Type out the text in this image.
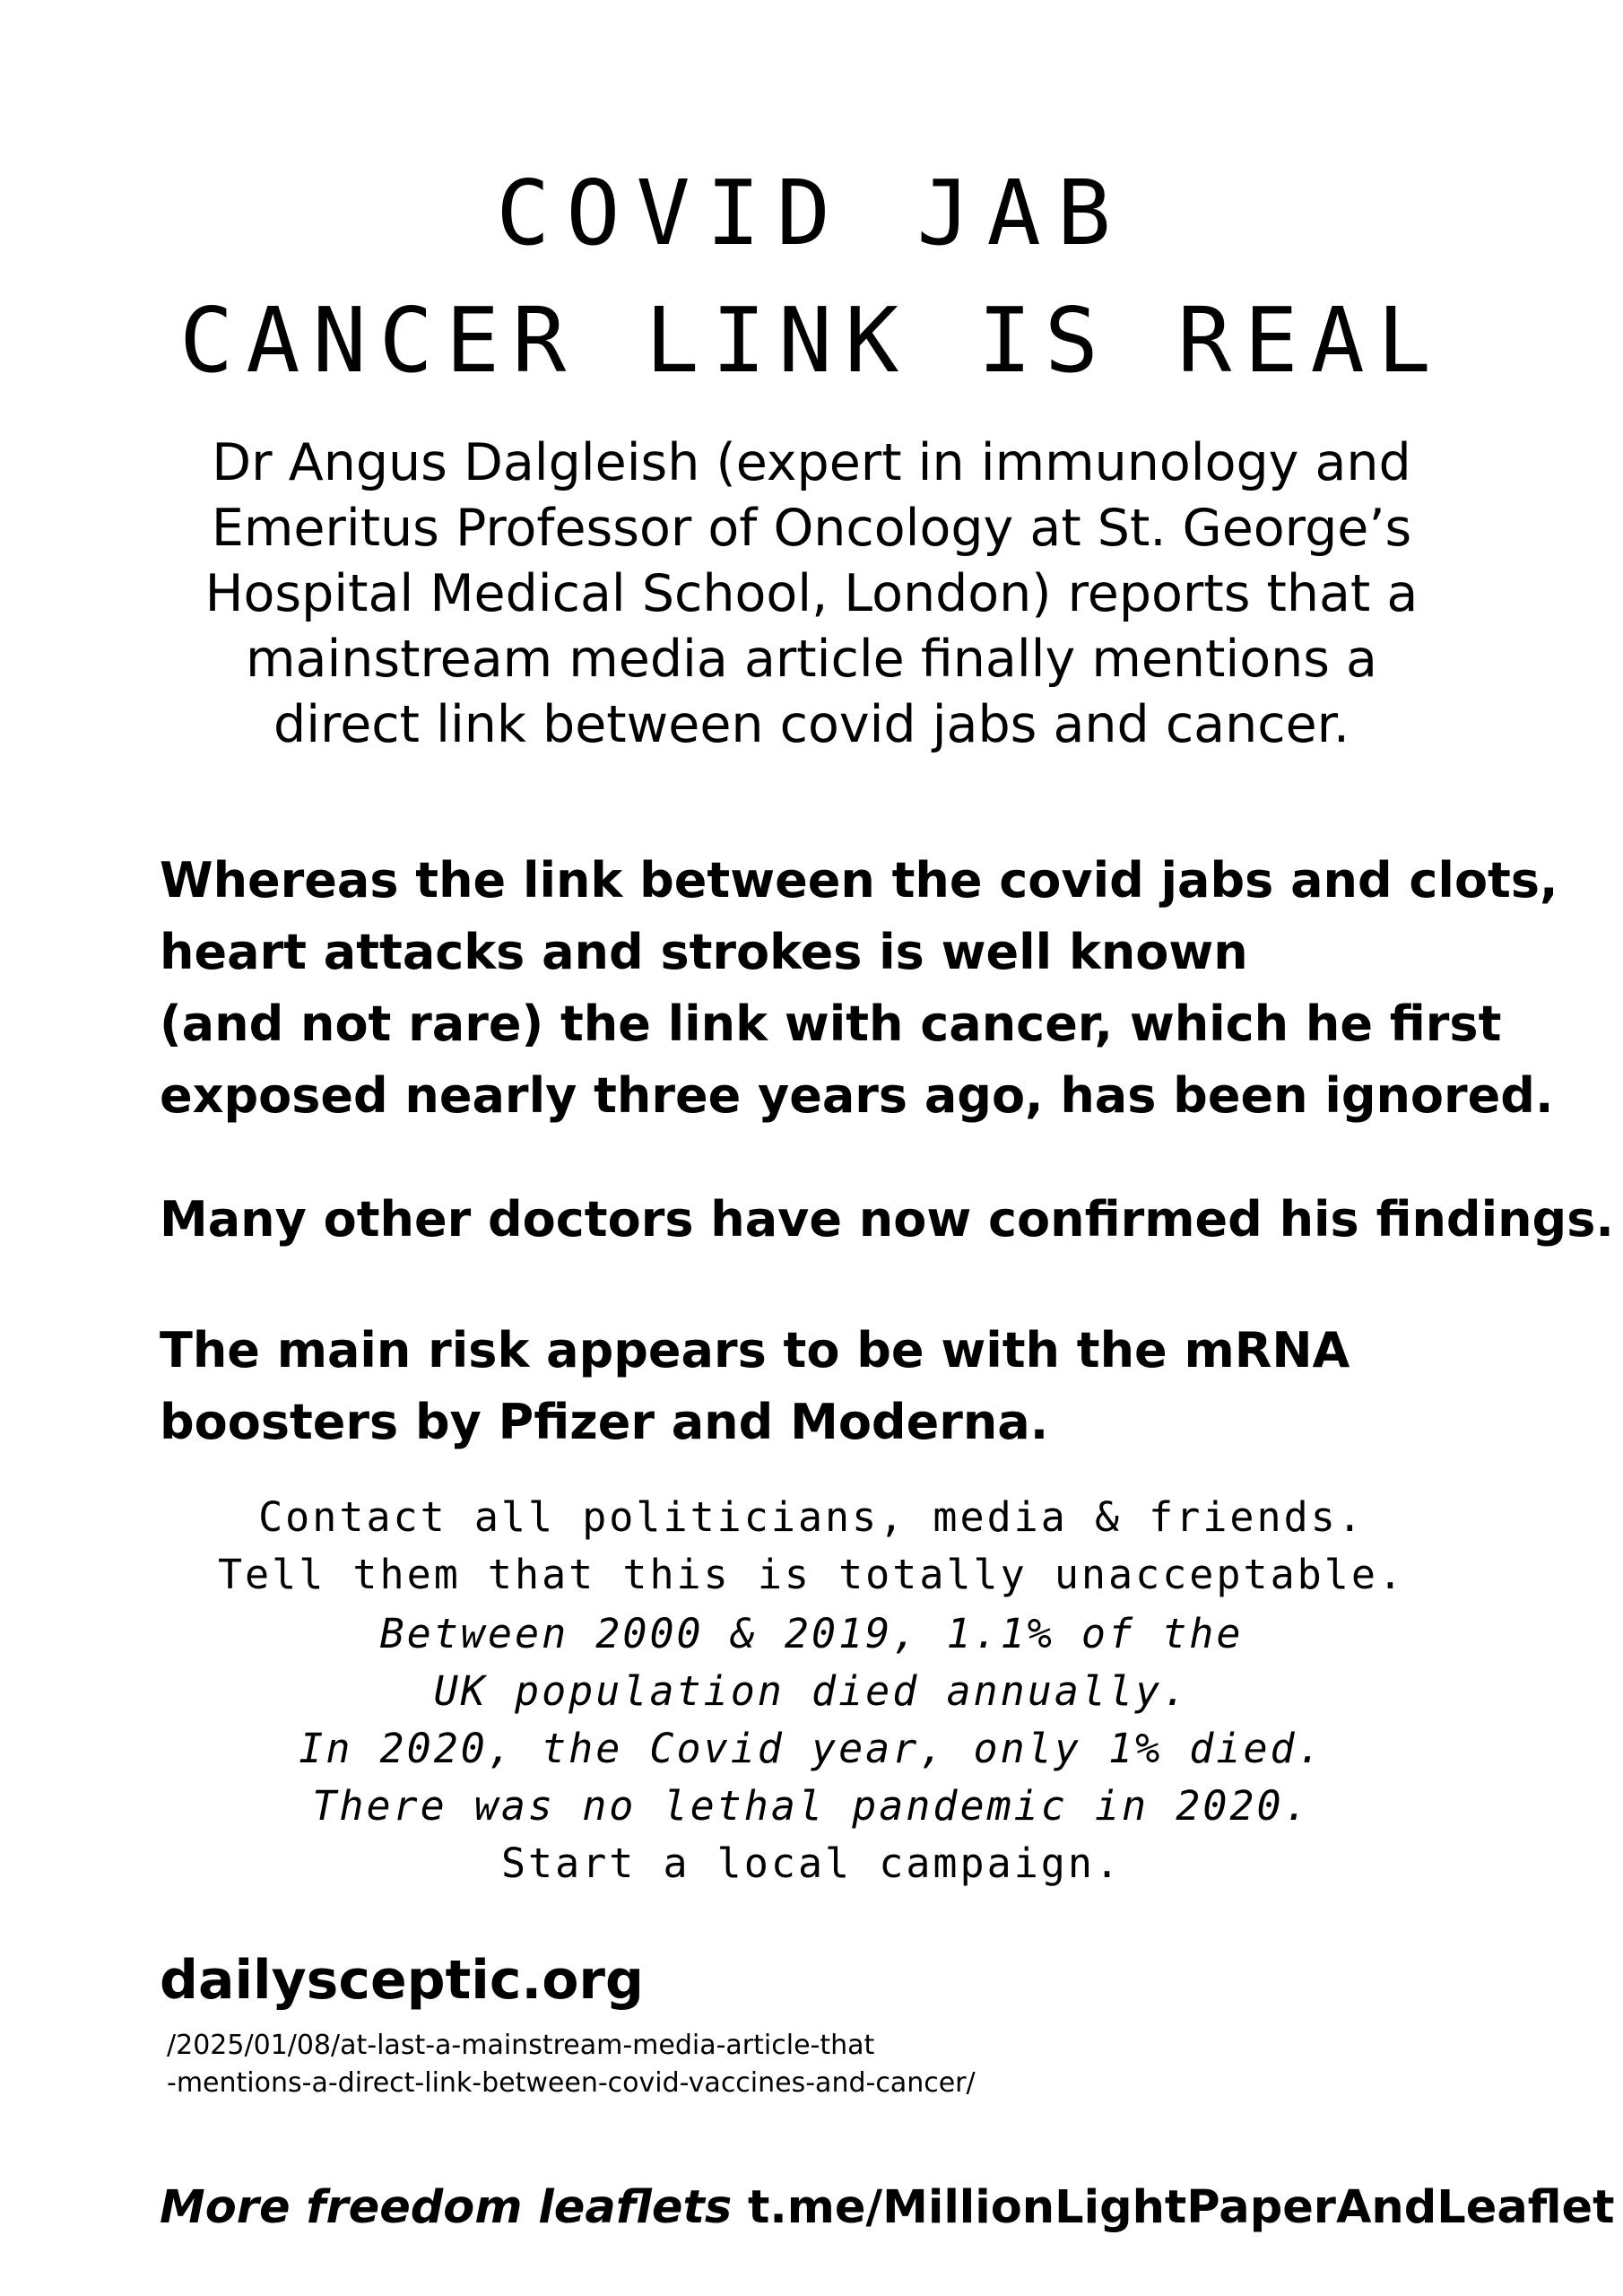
COVID JAB
CANCER LINK IS REAL
Dr Angus Dalgleish (expert in immunology and
Emeritus Professor of Oncology at St. George’s
Hospital Medical School, London) reports that a
mainstream media article finally mentions a
direct link between covid jabs and cancer.
Whereas the link between the covid jabs and clots,
heart attacks and strokes is well known
(and not rare) the link with cancer, which he first
exposed nearly three years ago, has been ignored.
Many other doctors have now confirmed his findings.
The main risk appears to be with the mRNA
boosters by Pfizer and Moderna.
Contact all politicians, media & friends.
Tell them that this is totally unacceptable.
Between 2000 & 2019, 1.1% of the
UK population died annually.
In 2020, the Covid year, only 1% died.
There was no lethal pandemic in 2020.
Start a local campaign.
dailysceptic.org
/2025/01/08/at-last-a-mainstream-media-article-that
-mentions-a-direct-link-between-covid-vaccines-and-cancer/
More freedom leaflets t.me/MillionLightPaperAndLeaflet
